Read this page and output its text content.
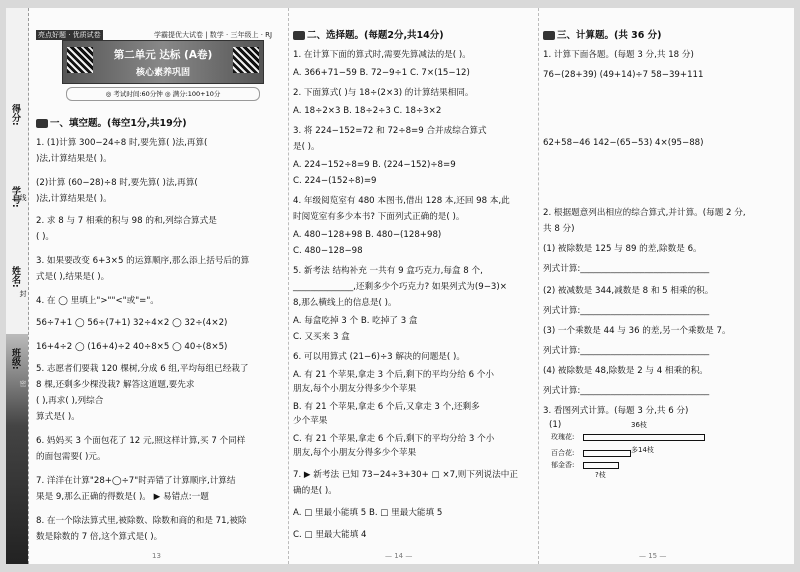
得分:
学号:
姓名:
班级:
线
封
密
亮点好题 · 优质试卷	学霸提优大试卷 | 数学 · 三年级上 · RJ
第二单元 达标 (A卷)
核心素养巩固
◎ 考试时间:60分钟 ◎ 满分:100+10分
一、填空题。(每空1分,共19分)
1. (1)计算 300−24÷8 时,要先算( )法,再算(
)法,计算结果是( )。
(2)计算 (60−28)÷8 时,要先算( )法,再算(
)法,计算结果是( )。
2. 求 8 与 7 相乘的积与 98 的和,列综合算式是
( )。
3. 如果要改变 6+3×5 的运算顺序,那么添上括号后的算
式是( ),结果是( )。
4. 在 ◯ 里填上">""<"或"="。
56÷7+1 ◯ 56÷(7+1) 32÷4×2 ◯ 32÷(4×2)
16+4÷2 ◯ (16+4)÷2 40÷8×5 ◯ 40÷(8×5)
5. 志愿者们要栽 120 棵树,分成 6 组,平均每组已经栽了
8 棵,还剩多少棵没栽? 解答这道题,要先求
( ),再求( ),列综合
算式是( )。
6. 妈妈买 3 个面包花了 12 元,照这样计算,买 7 个同样
的面包需要( )元。
7. 洋洋在计算"28+◯÷7"时弄错了计算顺序,计算结
果是 9,那么正确的得数是( )。 ▶ 易错点:一题
8. 在一个除法算式里,被除数、除数和商的和是 71,被除
数是除数的 7 倍,这个算式是( )。
13
二、选择题。(每题2分,共14分)
1. 在计算下面的算式时,需要先算减法的是( )。
A. 366+71−59 B. 72−9÷1 C. 7×(15−12)
2. 下面算式( )与 18÷(2×3) 的计算结果相同。
A. 18÷2×3 B. 18÷2÷3 C. 18÷3×2
3. 将 224−152=72 和 72÷8=9 合并成综合算式
是( )。
A. 224−152÷8=9 B. (224−152)÷8=9
C. 224−(152÷8)=9
4. 年级阅览室有 480 本图书,借出 128 本,还回 98 本,此
时阅览室有多少本书? 下面列式正确的是( )。
A. 480−128+98 B. 480−(128+98)
C. 480−128−98
5. 新考法 结构补充 一共有 9 盒巧克力,每盒 8 个,
______________,还剩多少个巧克力? 如果列式为(9−3)×
8,那么横线上的信息是( )。
A. 每盒吃掉 3 个 B. 吃掉了 3 盒
C. 又买来 3 盒
6. 可以用算式 (21−6)÷3 解决的问题是( )。
A. 有 21 个苹果,拿走 3 个后,剩下的平均分给 6 个小
朋友,每个小朋友分得多少个苹果
B. 有 21 个苹果,拿走 6 个后,又拿走 3 个,还剩多
少个苹果
C. 有 21 个苹果,拿走 6 个后,剩下的平均分给 3 个小
朋友,每个小朋友分得多少个苹果
7. ▶ 新考法 已知 73−24÷3+30+ □ ×7,则下列说法中正
确的是( )。
A. □ 里最小能填 5 B. □ 里最大能填 5
C. □ 里最大能填 4
— 14 —
三、计算题。(共 36 分)
1. 计算下面各题。(每题 3 分,共 18 分)
76−(28+39) (49+14)÷7 58−39+111
62+58−46 142−(65−53) 4×(95−88)
2. 根据题意列出相应的综合算式,并计算。(每题 2 分,
共 8 分)
(1) 被除数是 125 与 89 的差,除数是 6。
列式计算:______________________________
(2) 被减数是 344,减数是 8 和 5 相乘的积。
列式计算:______________________________
(3) 一个乘数是 44 与 36 的差,另一个乘数是 7。
列式计算:______________________________
(4) 被除数是 48,除数是 2 与 4 相乘的积。
列式计算:______________________________
3. 看图列式计算。(每题 3 分,共 6 分)
(1)	36枝
玫瑰花:
百合花:	多14枝
郁金香:
?枝
— 15 —
